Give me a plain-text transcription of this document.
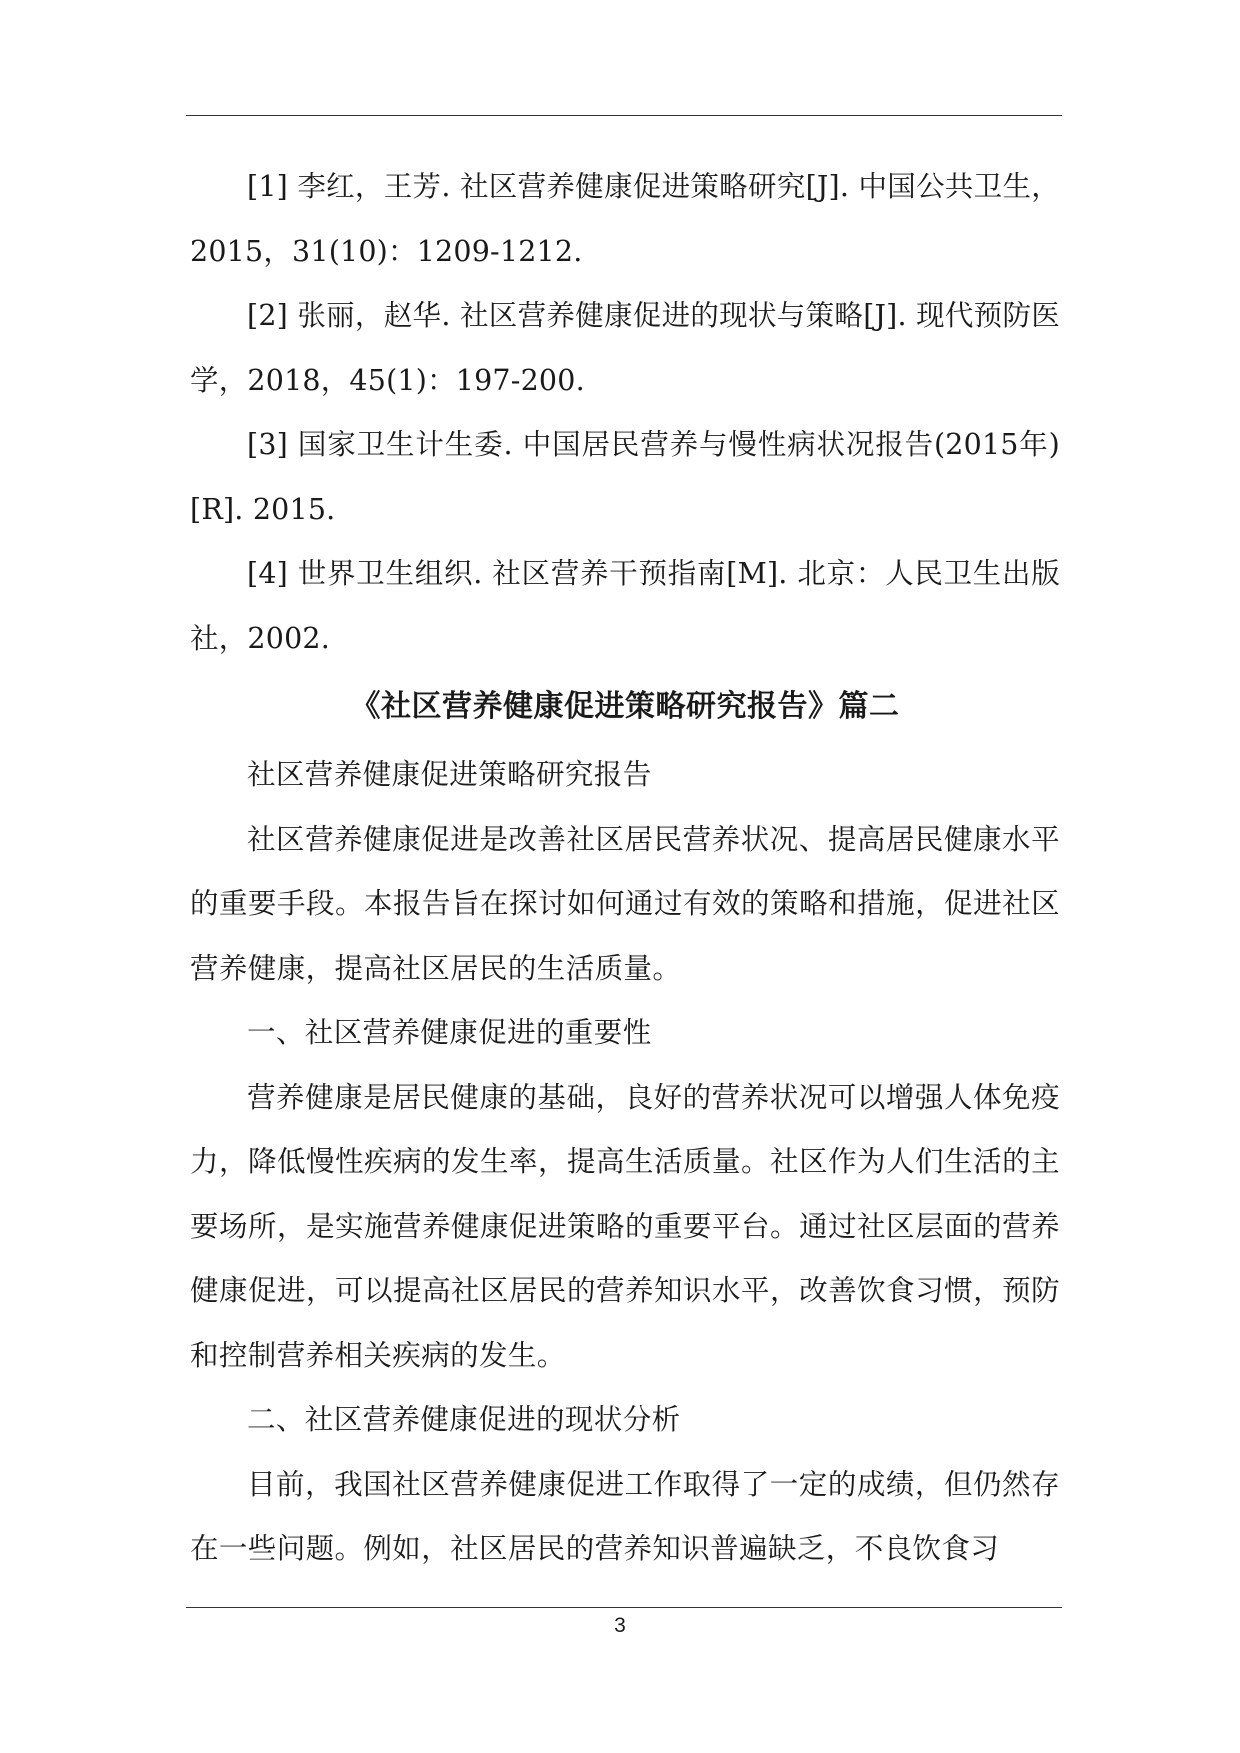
[1] 李红，王芳. 社区营养健康促进策略研究[J]. 中国公共卫生，2015，31(10)：1209-1212.

[2] 张丽，赵华. 社区营养健康促进的现状与策略[J]. 现代预防医学，2018，45(1)：197-200.

[3] 国家卫生计生委. 中国居民营养与慢性病状况报告(2015年)[R]. 2015.

[4] 世界卫生组织. 社区营养干预指南[M]. 北京：人民卫生出版社，2002.

《社区营养健康促进策略研究报告》篇二

社区营养健康促进策略研究报告

社区营养健康促进是改善社区居民营养状况、提高居民健康水平的重要手段。本报告旨在探讨如何通过有效的策略和措施，促进社区营养健康，提高社区居民的生活质量。

一、社区营养健康促进的重要性

营养健康是居民健康的基础，良好的营养状况可以增强人体免疫力，降低慢性疾病的发生率，提高生活质量。社区作为人们生活的主要场所，是实施营养健康促进策略的重要平台。通过社区层面的营养健康促进，可以提高社区居民的营养知识水平，改善饮食习惯，预防和控制营养相关疾病的发生。

二、社区营养健康促进的现状分析

目前，我国社区营养健康促进工作取得了一定的成绩，但仍然存在一些问题。例如，社区居民的营养知识普遍缺乏，不良饮食习

3
